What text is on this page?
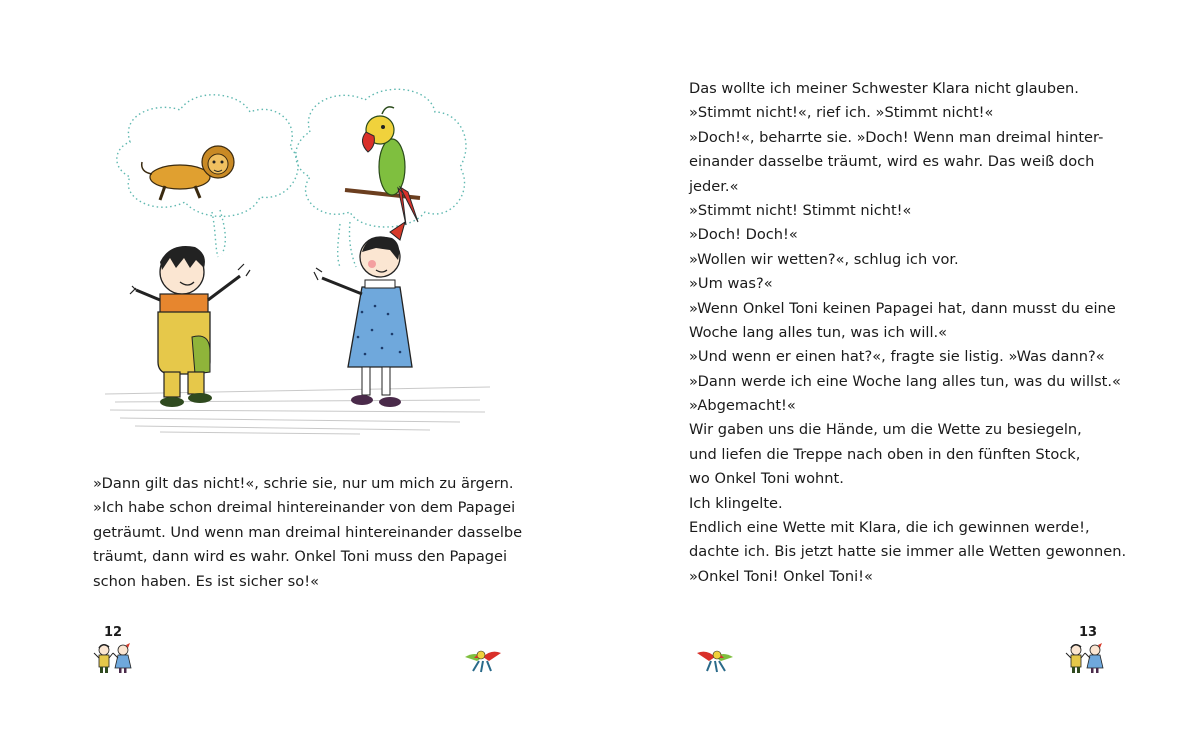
»Dann gilt das nicht!«, schrie sie, nur um mich zu ärgern.
»Ich habe schon dreimal hintereinander von dem Papagei
geträumt. Und wenn man dreimal hintereinander dasselbe
träumt, dann wird es wahr. Onkel Toni muss den Papagei
schon haben. Es ist sicher so!«
12
Das wollte ich meiner Schwester Klara nicht glauben.
»Stimmt nicht!«, rief ich. »Stimmt nicht!«
»Doch!«, beharrte sie. »Doch! Wenn man dreimal hinter-
einander dasselbe träumt, wird es wahr. Das weiß doch
jeder.«
»Stimmt nicht! Stimmt nicht!«
»Doch! Doch!«
»Wollen wir wetten?«, schlug ich vor.
»Um was?«
»Wenn Onkel Toni keinen Papagei hat, dann musst du eine
Woche lang alles tun, was ich will.«
»Und wenn er einen hat?«, fragte sie listig. »Was dann?«
»Dann werde ich eine Woche lang alles tun, was du willst.«
»Abgemacht!«
Wir gaben uns die Hände, um die Wette zu besiegeln,
und liefen die Treppe nach oben in den fünften Stock,
wo Onkel Toni wohnt.
Ich klingelte.
Endlich eine Wette mit Klara, die ich gewinnen werde!,
dachte ich. Bis jetzt hatte sie immer alle Wetten gewonnen.
»Onkel Toni! Onkel Toni!«
13
